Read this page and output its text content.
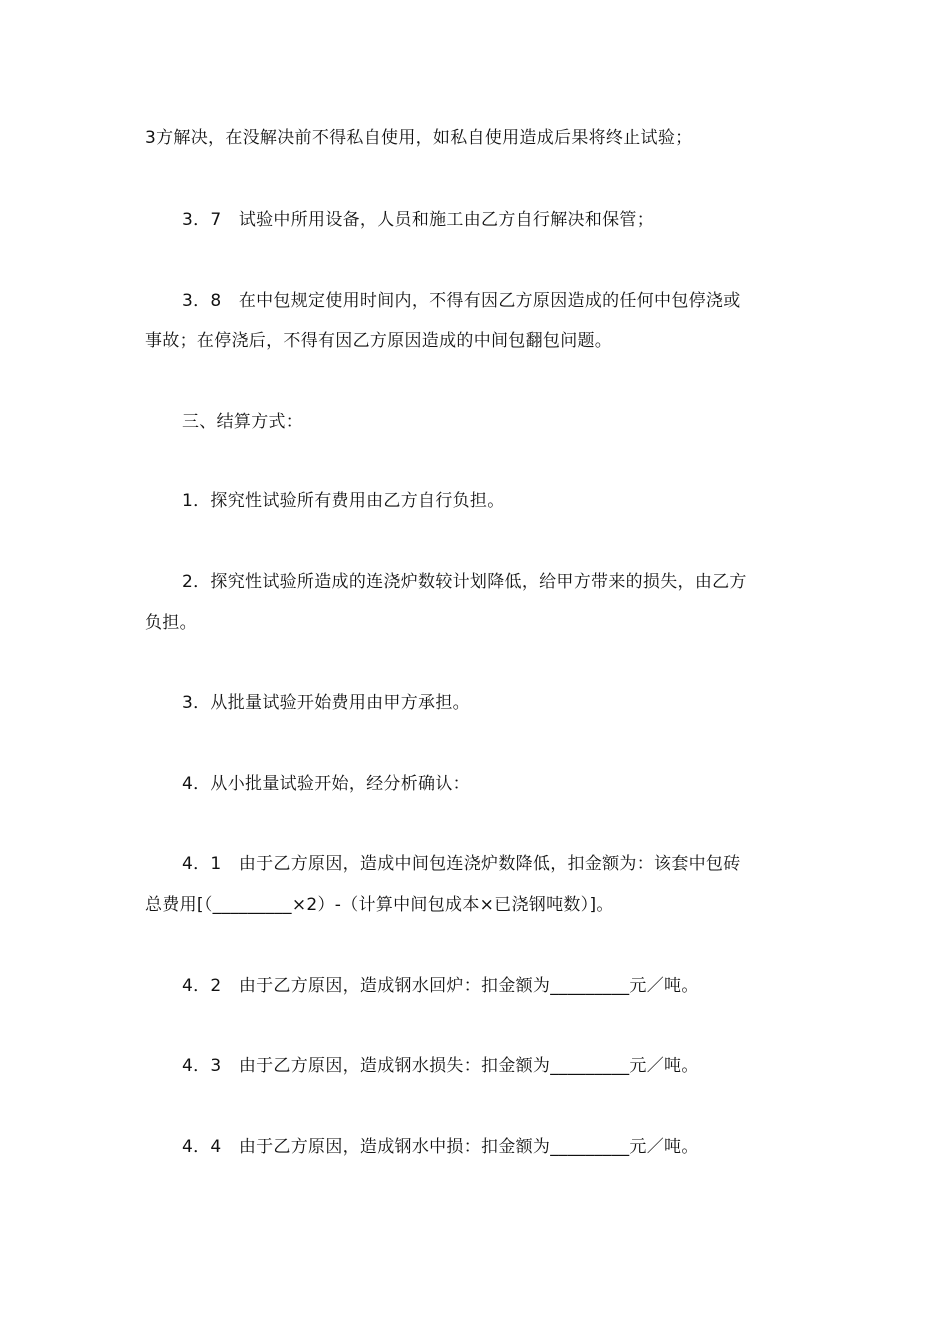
3方解决，在没解决前不得私自使用，如私自使用造成后果将终止试验；
3．7　试验中所用设备，人员和施工由乙方自行解决和保管；
3．8　在中包规定使用时间内，不得有因乙方原因造成的任何中包停浇或
事故；在停浇后，不得有因乙方原因造成的中间包翻包问题。
三、结算方式：
1．探究性试验所有费用由乙方自行负担。
2．探究性试验所造成的连浇炉数较计划降低，给甲方带来的损失，由乙方
负担。
3．从批量试验开始费用由甲方承担。
4．从小批量试验开始，经分析确认：
4．1　由于乙方原因，造成中间包连浇炉数降低，扣金额为：该套中包砖
总费用[（_________×2）-（计算中间包成本×已浇钢吨数）]。
4．2　由于乙方原因，造成钢水回炉：扣金额为_________元／吨。
4．3　由于乙方原因，造成钢水损失：扣金额为_________元／吨。
4．4　由于乙方原因，造成钢水中损：扣金额为_________元／吨。
